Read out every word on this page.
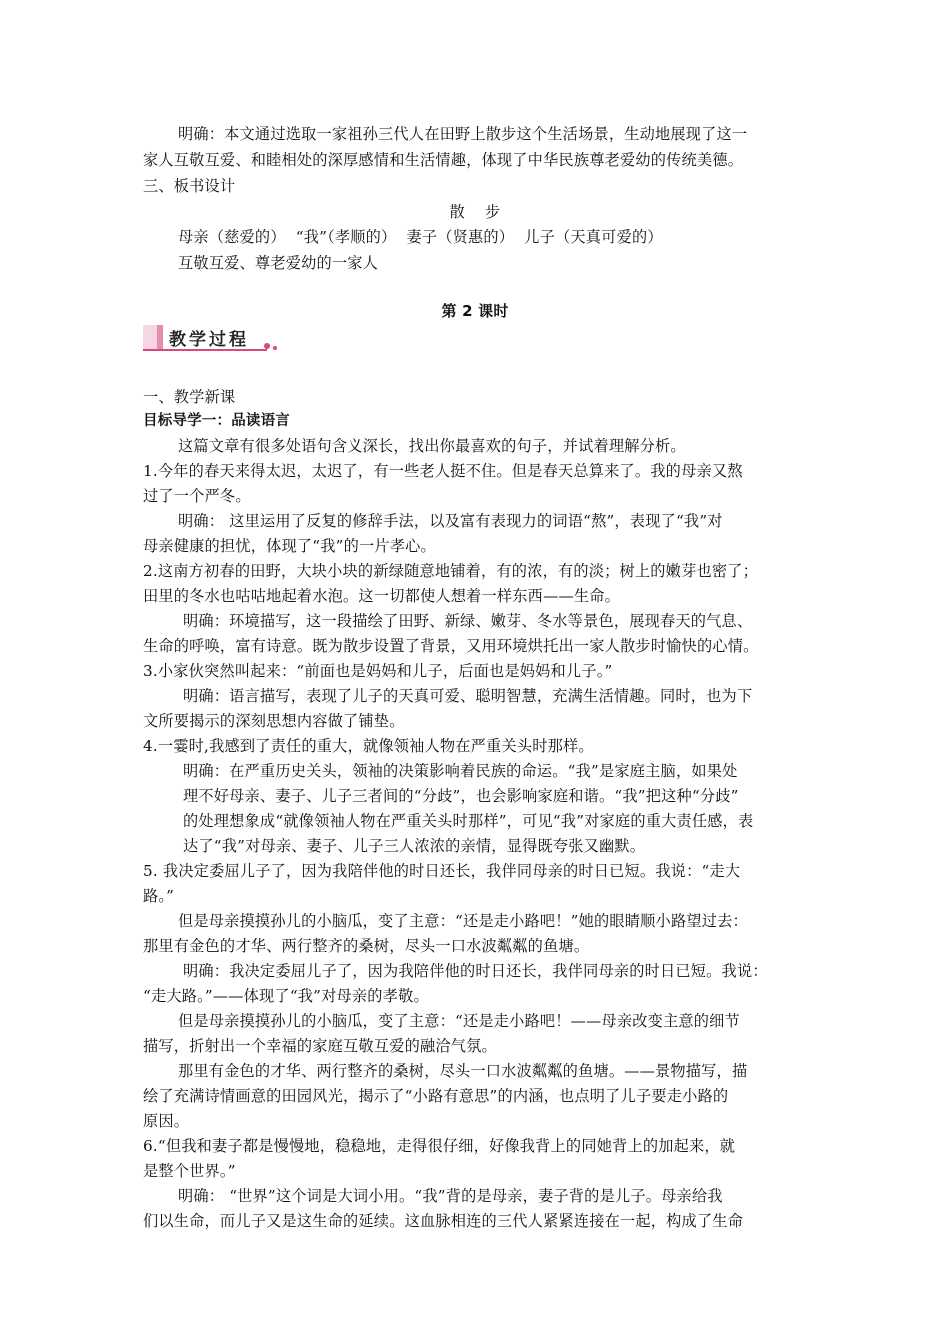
明确：本文通过选取一家祖孙三代人在田野上散步这个生活场景，生动地展现了这一
家人互敬互爱、和睦相处的深厚感情和生活情趣，体现了中华民族尊老爱幼的传统美德。
三、板书设计
散    步
母亲（慈爱的）  “我”（孝顺的）  妻子（贤惠的）  儿子（天真可爱的）
互敬互爱、尊老爱幼的一家人
第 2 课时
教学过程
一、教学新课
目标导学一：品读语言
这篇文章有很多处语句含义深长，找出你最喜欢的句子，并试着理解分析。
1.今年的春天来得太迟，太迟了，有一些老人挺不住。但是春天总算来了。我的母亲又熬
过了一个严冬。
明确： 这里运用了反复的修辞手法，以及富有表现力的词语“熬”，表现了“我”对
母亲健康的担忧，体现了“我”的一片孝心。
2.这南方初春的田野，大块小块的新绿随意地铺着，有的浓，有的淡；树上的嫩芽也密了；
田里的冬水也咕咕地起着水泡。这一切都使人想着一样东西——生命。
明确：环境描写，这一段描绘了田野、新绿、嫩芽、冬水等景色，展现春天的气息、
生命的呼唤，富有诗意。既为散步设置了背景，又用环境烘托出一家人散步时愉快的心情。
3.小家伙突然叫起来：“前面也是妈妈和儿子，后面也是妈妈和儿子。”
明确：语言描写，表现了儿子的天真可爱、聪明智慧，充满生活情趣。同时，也为下
文所要揭示的深刻思想内容做了铺垫。
4.一霎时,我感到了责任的重大，就像领袖人物在严重关头时那样。
明确：在严重历史关头，领袖的决策影响着民族的命运。“我”是家庭主脑，如果处
理不好母亲、妻子、儿子三者间的“分歧”，也会影响家庭和谐。“我”把这种“分歧”
的处理想象成“就像领袖人物在严重关头时那样”，可见“我”对家庭的重大责任感，表
达了“我”对母亲、妻子、儿子三人浓浓的亲情，显得既夸张又幽默。
5. 我决定委屈儿子了，因为我陪伴他的时日还长，我伴同母亲的时日已短。我说：“走大
路。”
但是母亲摸摸孙儿的小脑瓜，变了主意：“还是走小路吧！”她的眼睛顺小路望过去：
那里有金色的才华、两行整齐的桑树，尽头一口水波粼粼的鱼塘。
明确：我决定委屈儿子了，因为我陪伴他的时日还长，我伴同母亲的时日已短。我说：
“走大路。”——体现了“我”对母亲的孝敬。
但是母亲摸摸孙儿的小脑瓜，变了主意：“还是走小路吧！——母亲改变主意的细节
描写，折射出一个幸福的家庭互敬互爱的融洽气氛。
那里有金色的才华、两行整齐的桑树，尽头一口水波粼粼的鱼塘。——景物描写，描
绘了充满诗情画意的田园风光，揭示了“小路有意思”的内涵，也点明了儿子要走小路的
原因。
6.“但我和妻子都是慢慢地，稳稳地，走得很仔细，好像我背上的同她背上的加起来，就
是整个世界。”
明确： “世界”这个词是大词小用。“我”背的是母亲，妻子背的是儿子。母亲给我
们以生命，而儿子又是这生命的延续。这血脉相连的三代人紧紧连接在一起，构成了生命
